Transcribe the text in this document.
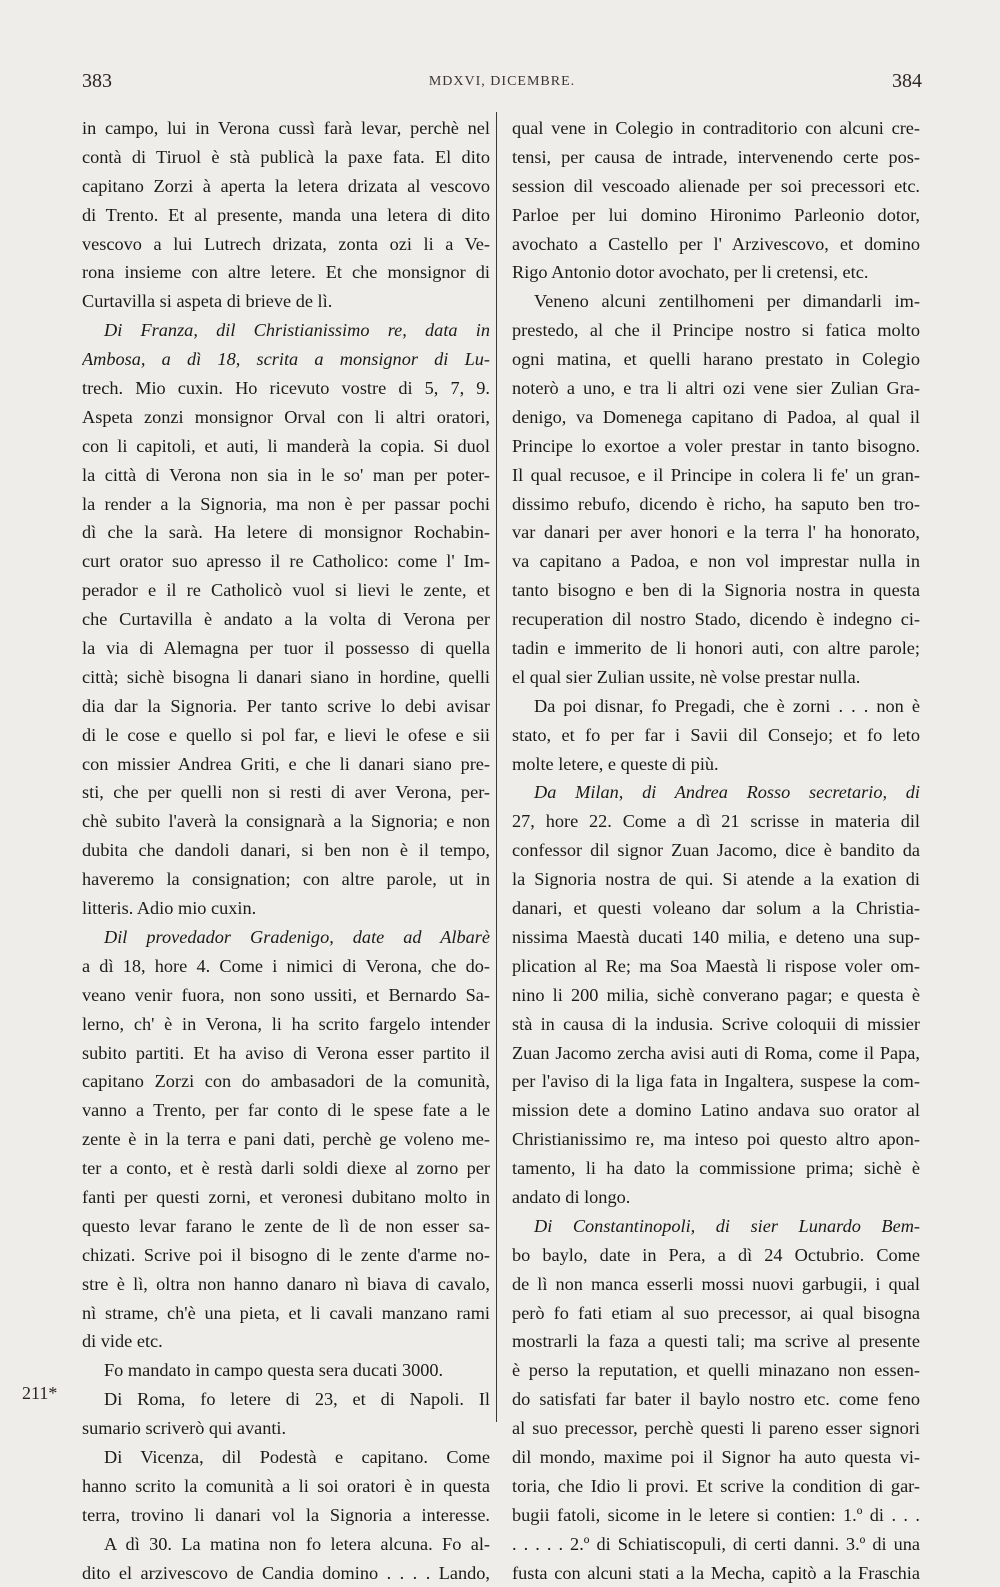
383	MDXVI, DICEMBRE.	384
in campo, lui in Verona cussì farà levar, perchè nel
contà di Tiruol è stà publicà la paxe fata. El dito
capitano Zorzi à aperta la letera drizata al vescovo
di Trento. Et al presente, manda una letera di dito
vescovo a lui Lutrech drizata, zonta ozi li a Ve-
rona insieme con altre letere. Et che monsignor di
Curtavilla si aspeta di brieve de lì.
Di Franza, dil Christianissimo re, data in
Ambosa, a dì 18, scrita a monsignor di Lu-
trech. Mio cuxin. Ho ricevuto vostre di 5, 7, 9.
Aspeta zonzi monsignor Orval con li altri oratori,
con li capitoli, et auti, li manderà la copia. Si duol
la città di Verona non sia in le so' man per poter-
la render a la Signoria, ma non è per passar pochi
dì che la sarà. Ha letere di monsignor Rochabin-
curt orator suo apresso il re Catholico: come l' Im-
perador e il re Catholicò vuol si lievi le zente, et
che Curtavilla è andato a la volta di Verona per
la via di Alemagna per tuor il possesso di quella
città; sichè bisogna li danari siano in hordine, quelli
dia dar la Signoria. Per tanto scrive lo debi avisar
di le cose e quello si pol far, e lievi le ofese e sii
con missier Andrea Griti, e che li danari siano pre-
sti, che per quelli non si resti di aver Verona, per-
chè subito l'averà la consignarà a la Signoria; e non
dubita che dandoli danari, si ben non è il tempo,
haveremo la consignation; con altre parole, ut in
litteris. Adio mio cuxin.
Dil provedador Gradenigo, date ad Albarè
a dì 18, hore 4. Come i nimici di Verona, che do-
veano venir fuora, non sono ussiti, et Bernardo Sa-
lerno, ch' è in Verona, li ha scrito fargelo intender
subito partiti. Et ha aviso di Verona esser partito il
capitano Zorzi con do ambasadori de la comunità,
vanno a Trento, per far conto di le spese fate a le
zente è in la terra e pani dati, perchè ge voleno me-
ter a conto, et è restà darli soldi diexe al zorno per
fanti per questi zorni, et veronesi dubitano molto in
questo levar farano le zente de lì de non esser sa-
chizati. Scrive poi il bisogno di le zente d'arme no-
stre è lì, oltra non hanno danaro nì biava di cavalo,
nì strame, ch'è una pieta, et li cavali manzano rami
di vide etc.
Fo mandato in campo questa sera ducati 3000.
Di Roma, fo letere di 23, et di Napoli. Il
sumario scriverò qui avanti.
Di Vicenza, dil Podestà e capitano. Come
hanno scrito la comunità a li soi oratori è in questa
terra, trovino li danari vol la Signoria a interesse.
A dì 30. La matina non fo letera alcuna. Fo al-
dito el arzivescovo de Candia domino . . . . Lando,
qual vene in Colegio in contraditorio con alcuni cre-
tensi, per causa de intrade, intervenendo certe pos-
session dil vescoado alienade per soi precessori etc.
Parloe per lui domino Hironimo Parleonio dotor,
avochato a Castello per l' Arzivescovo, et domino
Rigo Antonio dotor avochato, per li cretensi, etc.
Veneno alcuni zentilhomeni per dimandarli im-
prestedo, al che il Principe nostro si fatica molto
ogni matina, et quelli harano prestato in Colegio
noterò a uno, e tra li altri ozi vene sier Zulian Gra-
denigo, va Domenega capitano di Padoa, al qual il
Principe lo exortoe a voler prestar in tanto bisogno.
Il qual recusoe, e il Principe in colera li fe' un gran-
dissimo rebufo, dicendo è richo, ha saputo ben tro-
var danari per aver honori e la terra l' ha honorato,
va capitano a Padoa, e non vol imprestar nulla in
tanto bisogno e ben di la Signoria nostra in questa
recuperation dil nostro Stado, dicendo è indegno ci-
tadin e immerito de li honori auti, con altre parole;
el qual sier Zulian ussite, nè volse prestar nulla.
Da poi disnar, fo Pregadi, che è zorni . . . non è
stato, et fo per far i Savii dil Consejo; et fo leto
molte letere, e queste di più.
Da Milan, di Andrea Rosso secretario, di
27, hore 22. Come a dì 21 scrisse in materia dil
confessor dil signor Zuan Jacomo, dice è bandito da
la Signoria nostra de qui. Si atende a la exation di
danari, et questi voleano dar solum a la Christia-
nissima Maestà ducati 140 milia, e deteno una sup-
plication al Re; ma Soa Maestà li rispose voler om-
nino li 200 milia, sichè converano pagar; e questa è
stà in causa di la indusia. Scrive coloquii di missier
Zuan Jacomo zercha avisi auti di Roma, come il Papa,
per l'aviso di la liga fata in Ingaltera, suspese la com-
mission dete a domino Latino andava suo orator al
Christianissimo re, ma inteso poi questo altro apon-
tamento, li ha dato la commissione prima; sichè è
andato di longo.
Di Constantinopoli, di sier Lunardo Bem-
bo baylo, date in Pera, a dì 24 Octubrio. Come
de lì non manca esserli mossi nuovi garbugii, i qual
però fo fati etiam al suo precessor, ai qual bisogna
mostrarli la faza a questi tali; ma scrive al presente
è perso la reputation, et quelli minazano non essen-
do satisfati far bater il baylo nostro etc. come feno
al suo precessor, perchè questi li pareno esser signori
dil mondo, maxime poi il Signor ha auto questa vi-
toria, che Idio li provi. Et scrive la condition di gar-
bugii fatoli, sicome in le letere si contien: 1.º di . . .
. . . . . 2.º di Schiatiscopuli, di certi danni. 3.º di una
fusta con alcuni stati a la Mecha, capitò a la Fraschia
211*
